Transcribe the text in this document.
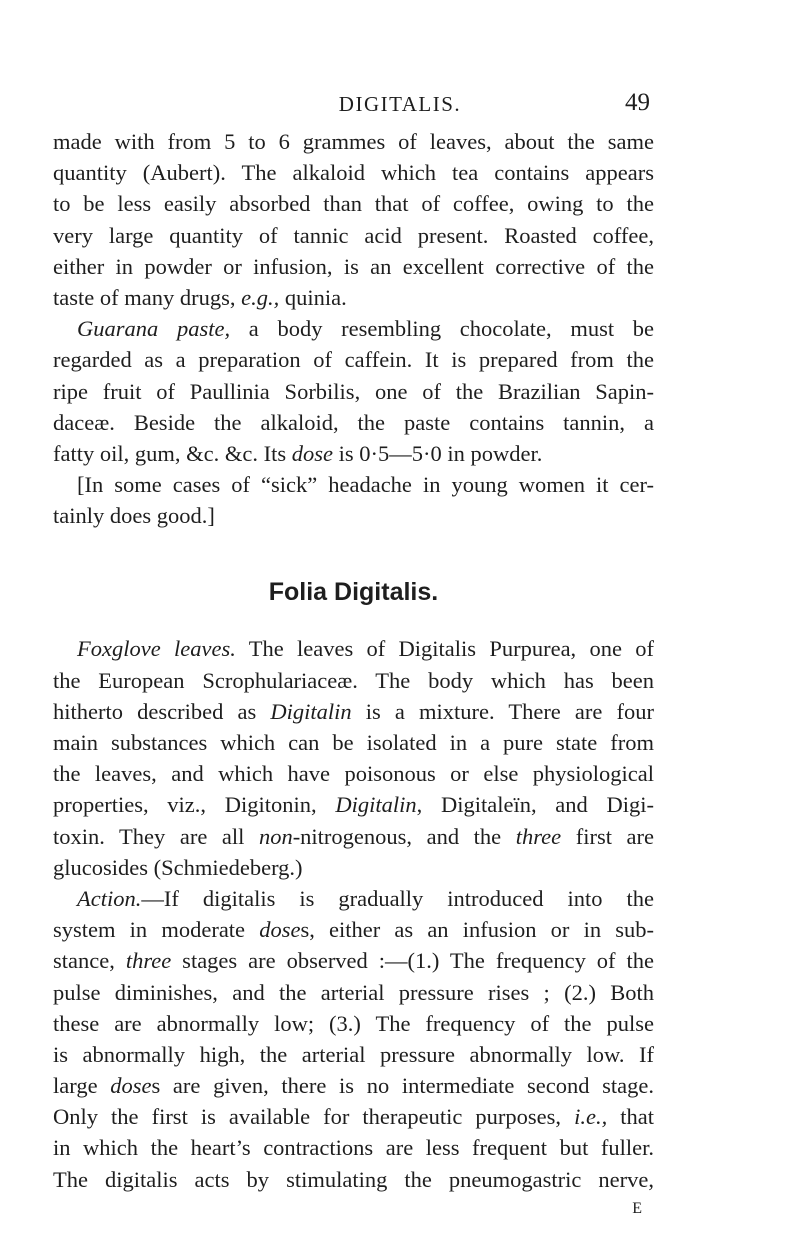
DIGITALIS.	49
made with from 5 to 6 grammes of leaves, about the same
quantity (Aubert). The alkaloid which tea contains appears
to be less easily absorbed than that of coffee, owing to the
very large quantity of tannic acid present. Roasted coffee,
either in powder or infusion, is an excellent corrective of the
taste of many drugs, e.g., quinia.
Guarana paste, a body resembling chocolate, must be
regarded as a preparation of caffein. It is prepared from the
ripe fruit of Paullinia Sorbilis, one of the Brazilian Sapin-
daceæ. Beside the alkaloid, the paste contains tannin, a
fatty oil, gum, &c. &c. Its dose is 0·5—5·0 in powder.
[In some cases of “sick” headache in young women it cer-
tainly does good.]
Folia Digitalis.
Foxglove leaves. The leaves of Digitalis Purpurea, one of
the European Scrophulariaceæ. The body which has been
hitherto described as Digitalin is a mixture. There are four
main substances which can be isolated in a pure state from
the leaves, and which have poisonous or else physiological
properties, viz., Digitonin, Digitalin, Digitaleïn, and Digi-
toxin. They are all non-nitrogenous, and the three first are
glucosides (Schmiedeberg.)
Action.—If digitalis is gradually introduced into the
system in moderate doses, either as an infusion or in sub-
stance, three stages are observed :—(1.) The frequency of the
pulse diminishes, and the arterial pressure rises ; (2.) Both
these are abnormally low; (3.) The frequency of the pulse
is abnormally high, the arterial pressure abnormally low. If
large doses are given, there is no intermediate second stage.
Only the first is available for therapeutic purposes, i.e., that
in which the heart’s contractions are less frequent but fuller.
The digitalis acts by stimulating the pneumogastric nerve,
E
